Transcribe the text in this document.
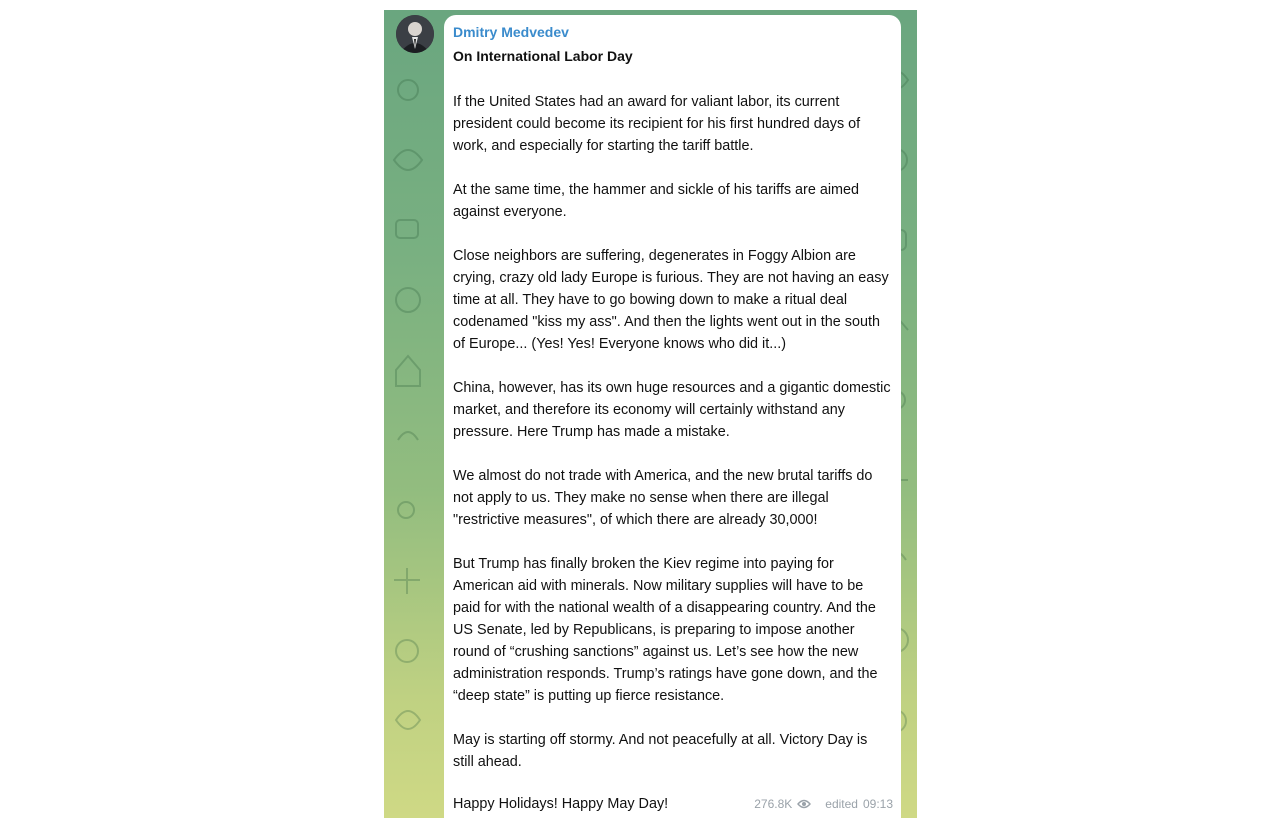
Dmitry Medvedev
On International Labor Day

If the United States had an award for valiant labor, its current president could become its recipient for his first hundred days of work, and especially for starting the tariff battle.

At the same time, the hammer and sickle of his tariffs are aimed against everyone.

Close neighbors are suffering, degenerates in Foggy Albion are crying, crazy old lady Europe is furious. They are not having an easy time at all. They have to go bowing down to make a ritual deal codenamed "kiss my ass". And then the lights went out in the south of Europe... (Yes! Yes! Everyone knows who did it...)

China, however, has its own huge resources and a gigantic domestic market, and therefore its economy will certainly withstand any pressure. Here Trump has made a mistake.

We almost do not trade with America, and the new brutal tariffs do not apply to us. They make no sense when there are illegal "restrictive measures", of which there are already 30,000!

But Trump has finally broken the Kiev regime into paying for American aid with minerals. Now military supplies will have to be paid for with the national wealth of a disappearing country. And the US Senate, led by Republicans, is preparing to impose another round of “crushing sanctions” against us. Let’s see how the new administration responds. Trump’s ratings have gone down, and the “deep state” is putting up fierce resistance.

May is starting off stormy. And not peacefully at all. Victory Day is still ahead.

Happy Holidays! Happy May Day!	276.8K	edited 09:13
